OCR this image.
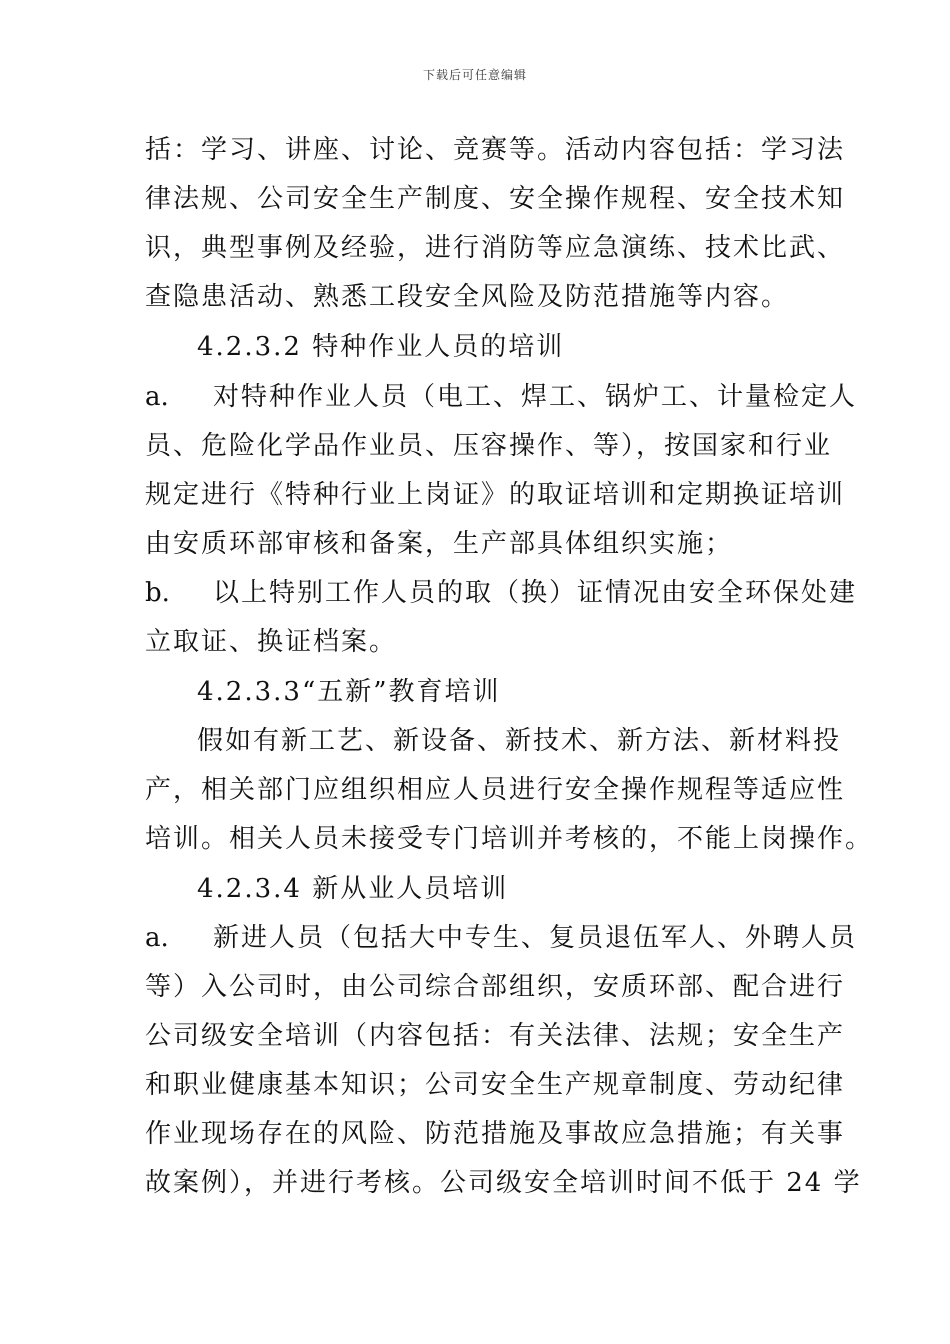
下载后可任意编辑
括：学习、讲座、讨论、竞赛等。活动内容包括：学习法
律法规、公司安全生产制度、安全操作规程、安全技术知
识，典型事例及经验，进行消防等应急演练、技术比武、
查隐患活动、熟悉工段安全风险及防范措施等内容。
4.2.3.2 特种作业人员的培训
a. 对特种作业人员（电工、焊工、锅炉工、计量检定人
员、危险化学品作业员、压容操作、等），按国家和行业
规定进行《特种行业上岗证》的取证培训和定期换证培训
由安质环部审核和备案，生产部具体组织实施；
b. 以上特别工作人员的取（换）证情况由安全环保处建
立取证、换证档案。
4.2.3.3“五新”教育培训
假如有新工艺、新设备、新技术、新方法、新材料投
产，相关部门应组织相应人员进行安全操作规程等适应性
培训。相关人员未接受专门培训并考核的，不能上岗操作。
4.2.3.4 新从业人员培训
a. 新进人员（包括大中专生、复员退伍军人、外聘人员
等）入公司时，由公司综合部组织，安质环部、配合进行
公司级安全培训（内容包括：有关法律、法规；安全生产
和职业健康基本知识；公司安全生产规章制度、劳动纪律
作业现场存在的风险、防范措施及事故应急措施；有关事
故案例），并进行考核。公司级安全培训时间不低于 24 学
